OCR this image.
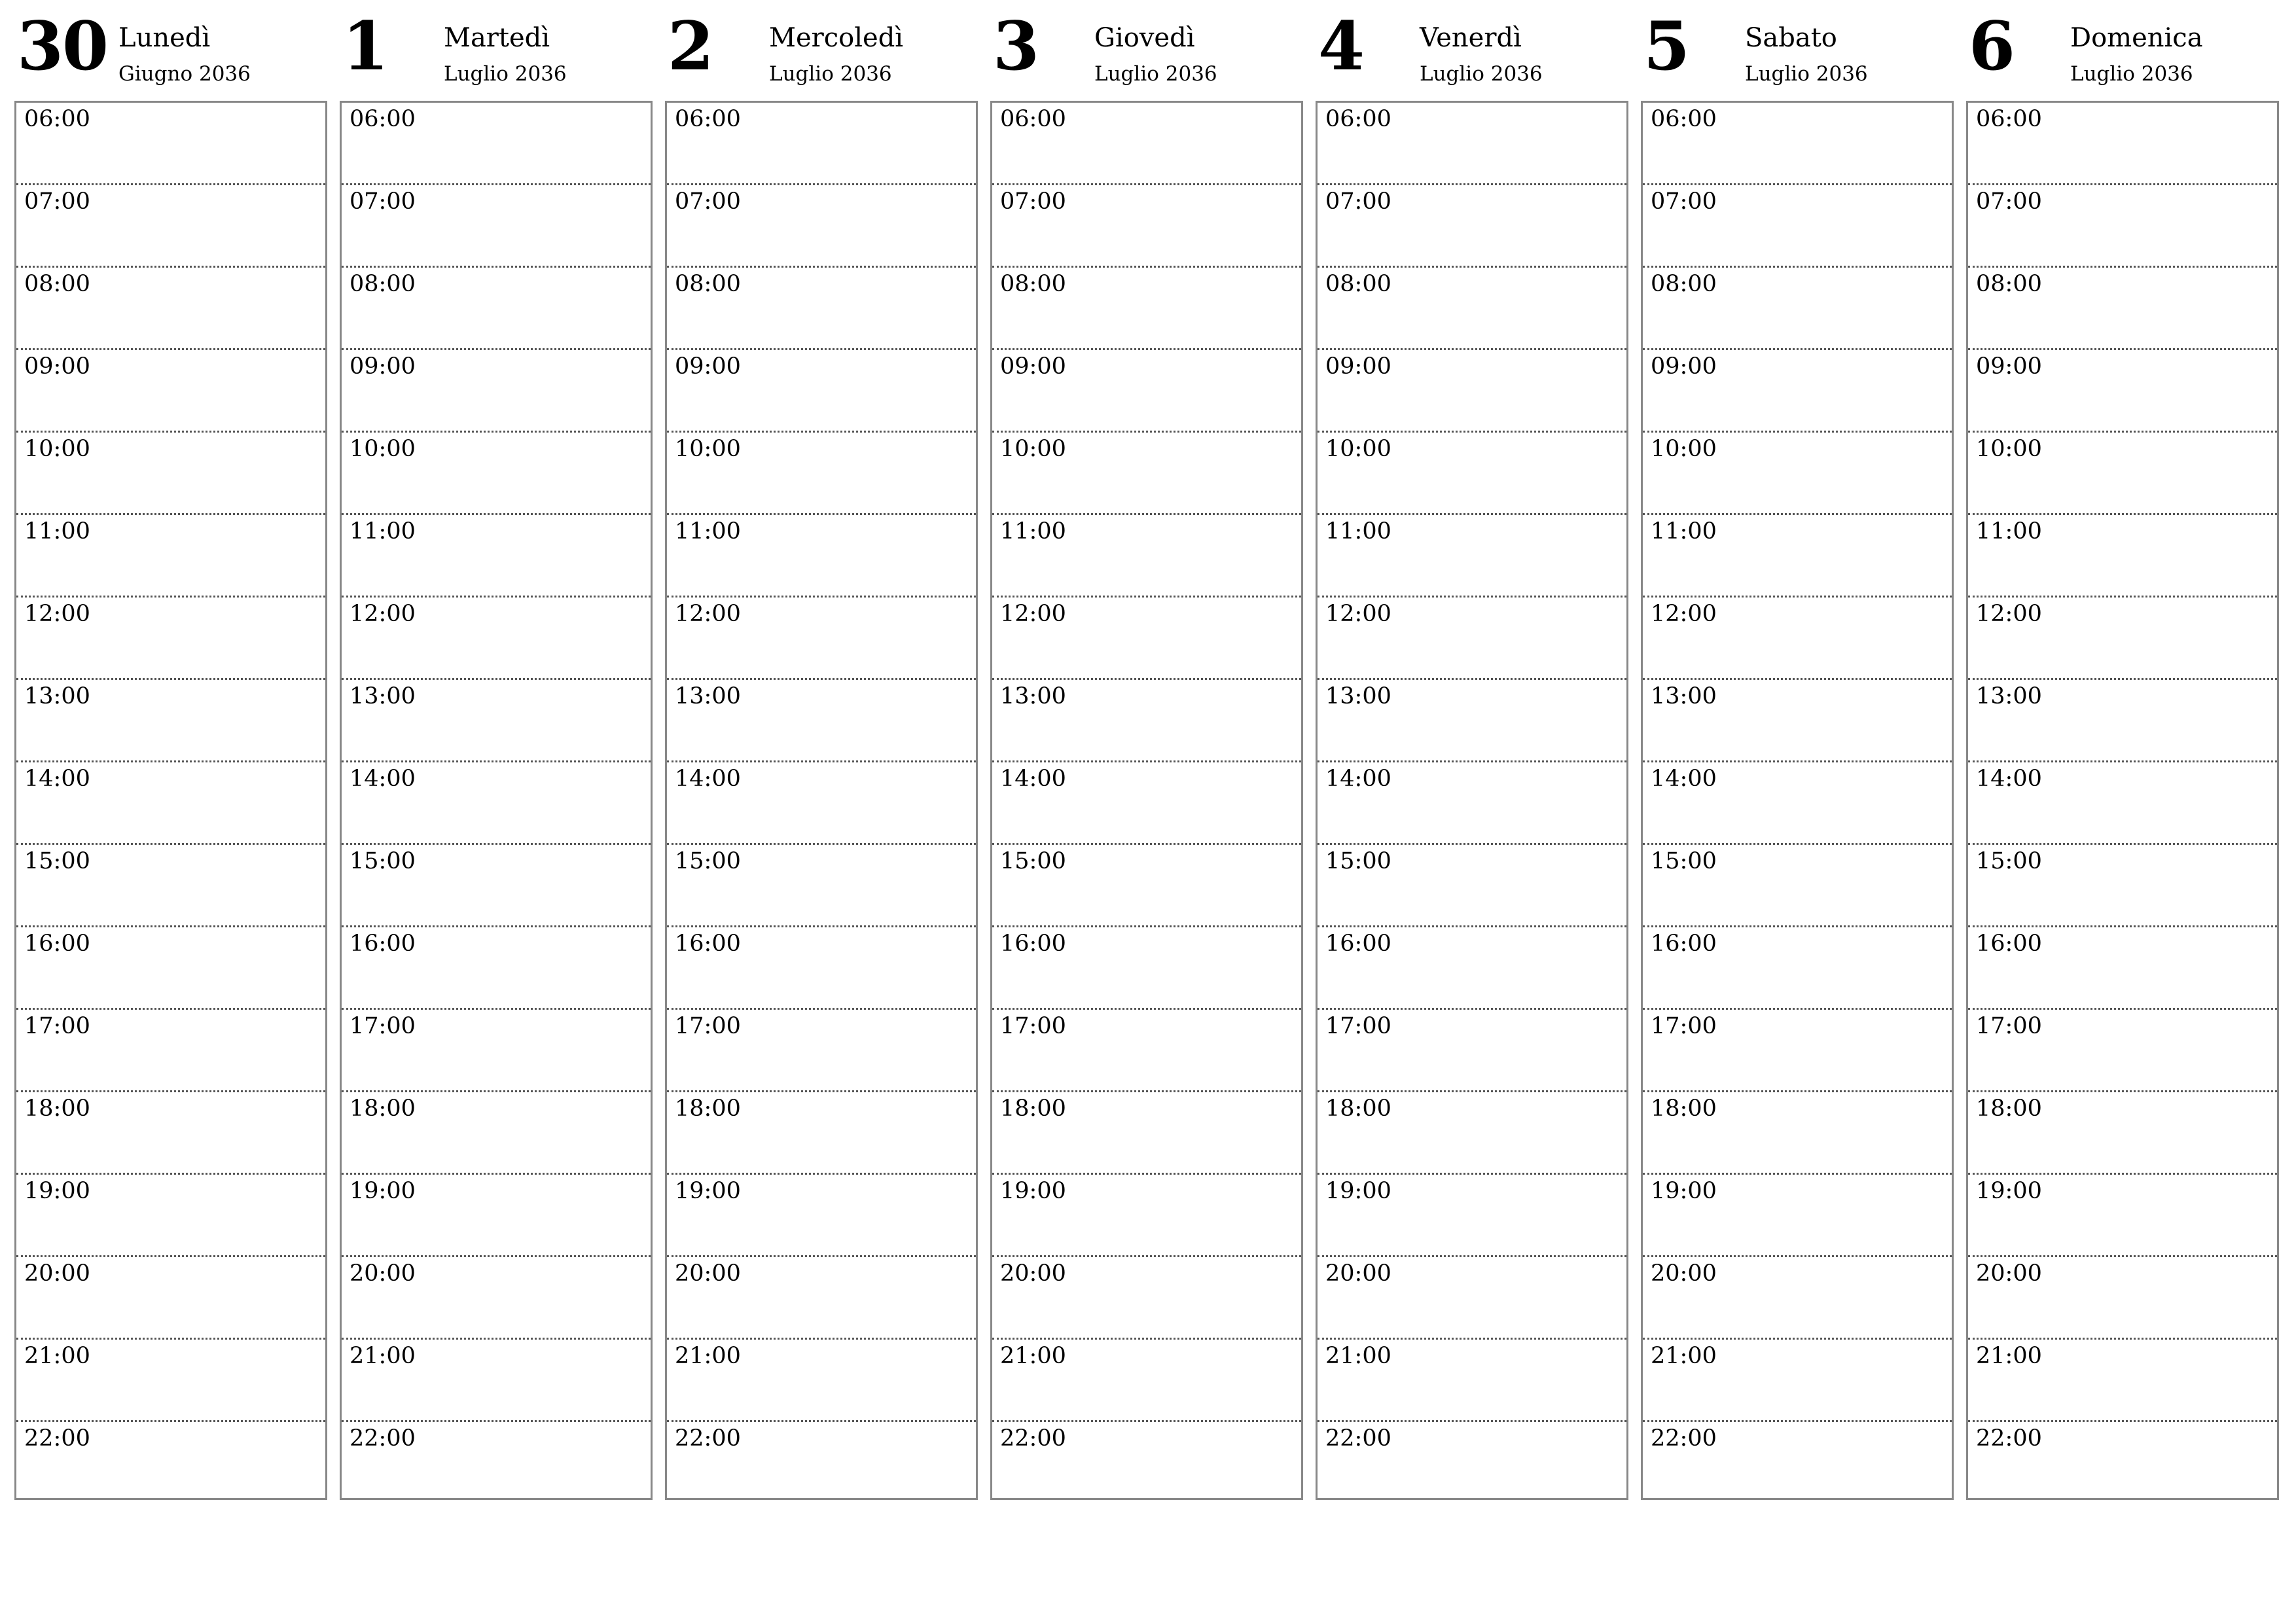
30 Lunedì
Giugno 2036
06:00
07:00
08:00
09:00
10:00
11:00
12:00
13:00
14:00
15:00
16:00
17:00
18:00
19:00
20:00
21:00
22:00
1 Martedì
Luglio 2036
06:00
07:00
08:00
09:00
10:00
11:00
12:00
13:00
14:00
15:00
16:00
17:00
18:00
19:00
20:00
21:00
22:00
2 Mercoledì
Luglio 2036
06:00
07:00
08:00
09:00
10:00
11:00
12:00
13:00
14:00
15:00
16:00
17:00
18:00
19:00
20:00
21:00
22:00
3 Giovedì
Luglio 2036
06:00
07:00
08:00
09:00
10:00
11:00
12:00
13:00
14:00
15:00
16:00
17:00
18:00
19:00
20:00
21:00
22:00
4 Venerdì
Luglio 2036
06:00
07:00
08:00
09:00
10:00
11:00
12:00
13:00
14:00
15:00
16:00
17:00
18:00
19:00
20:00
21:00
22:00
5 Sabato
Luglio 2036
06:00
07:00
08:00
09:00
10:00
11:00
12:00
13:00
14:00
15:00
16:00
17:00
18:00
19:00
20:00
21:00
22:00
6 Domenica
Luglio 2036
06:00
07:00
08:00
09:00
10:00
11:00
12:00
13:00
14:00
15:00
16:00
17:00
18:00
19:00
20:00
21:00
22:00
